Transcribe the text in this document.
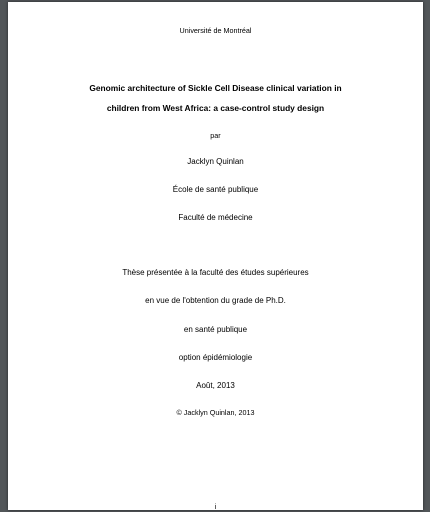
Université de Montréal
Genomic architecture of Sickle Cell Disease clinical variation in
children from West Africa: a case-control study design
par
Jacklyn Quinlan
École de santé publique
Faculté de médecine
Thèse présentée à la faculté des études supérieures
en vue de l'obtention du grade de Ph.D.
en santé publique
option épidémiologie
Août, 2013
© Jacklyn Quinlan, 2013
i
